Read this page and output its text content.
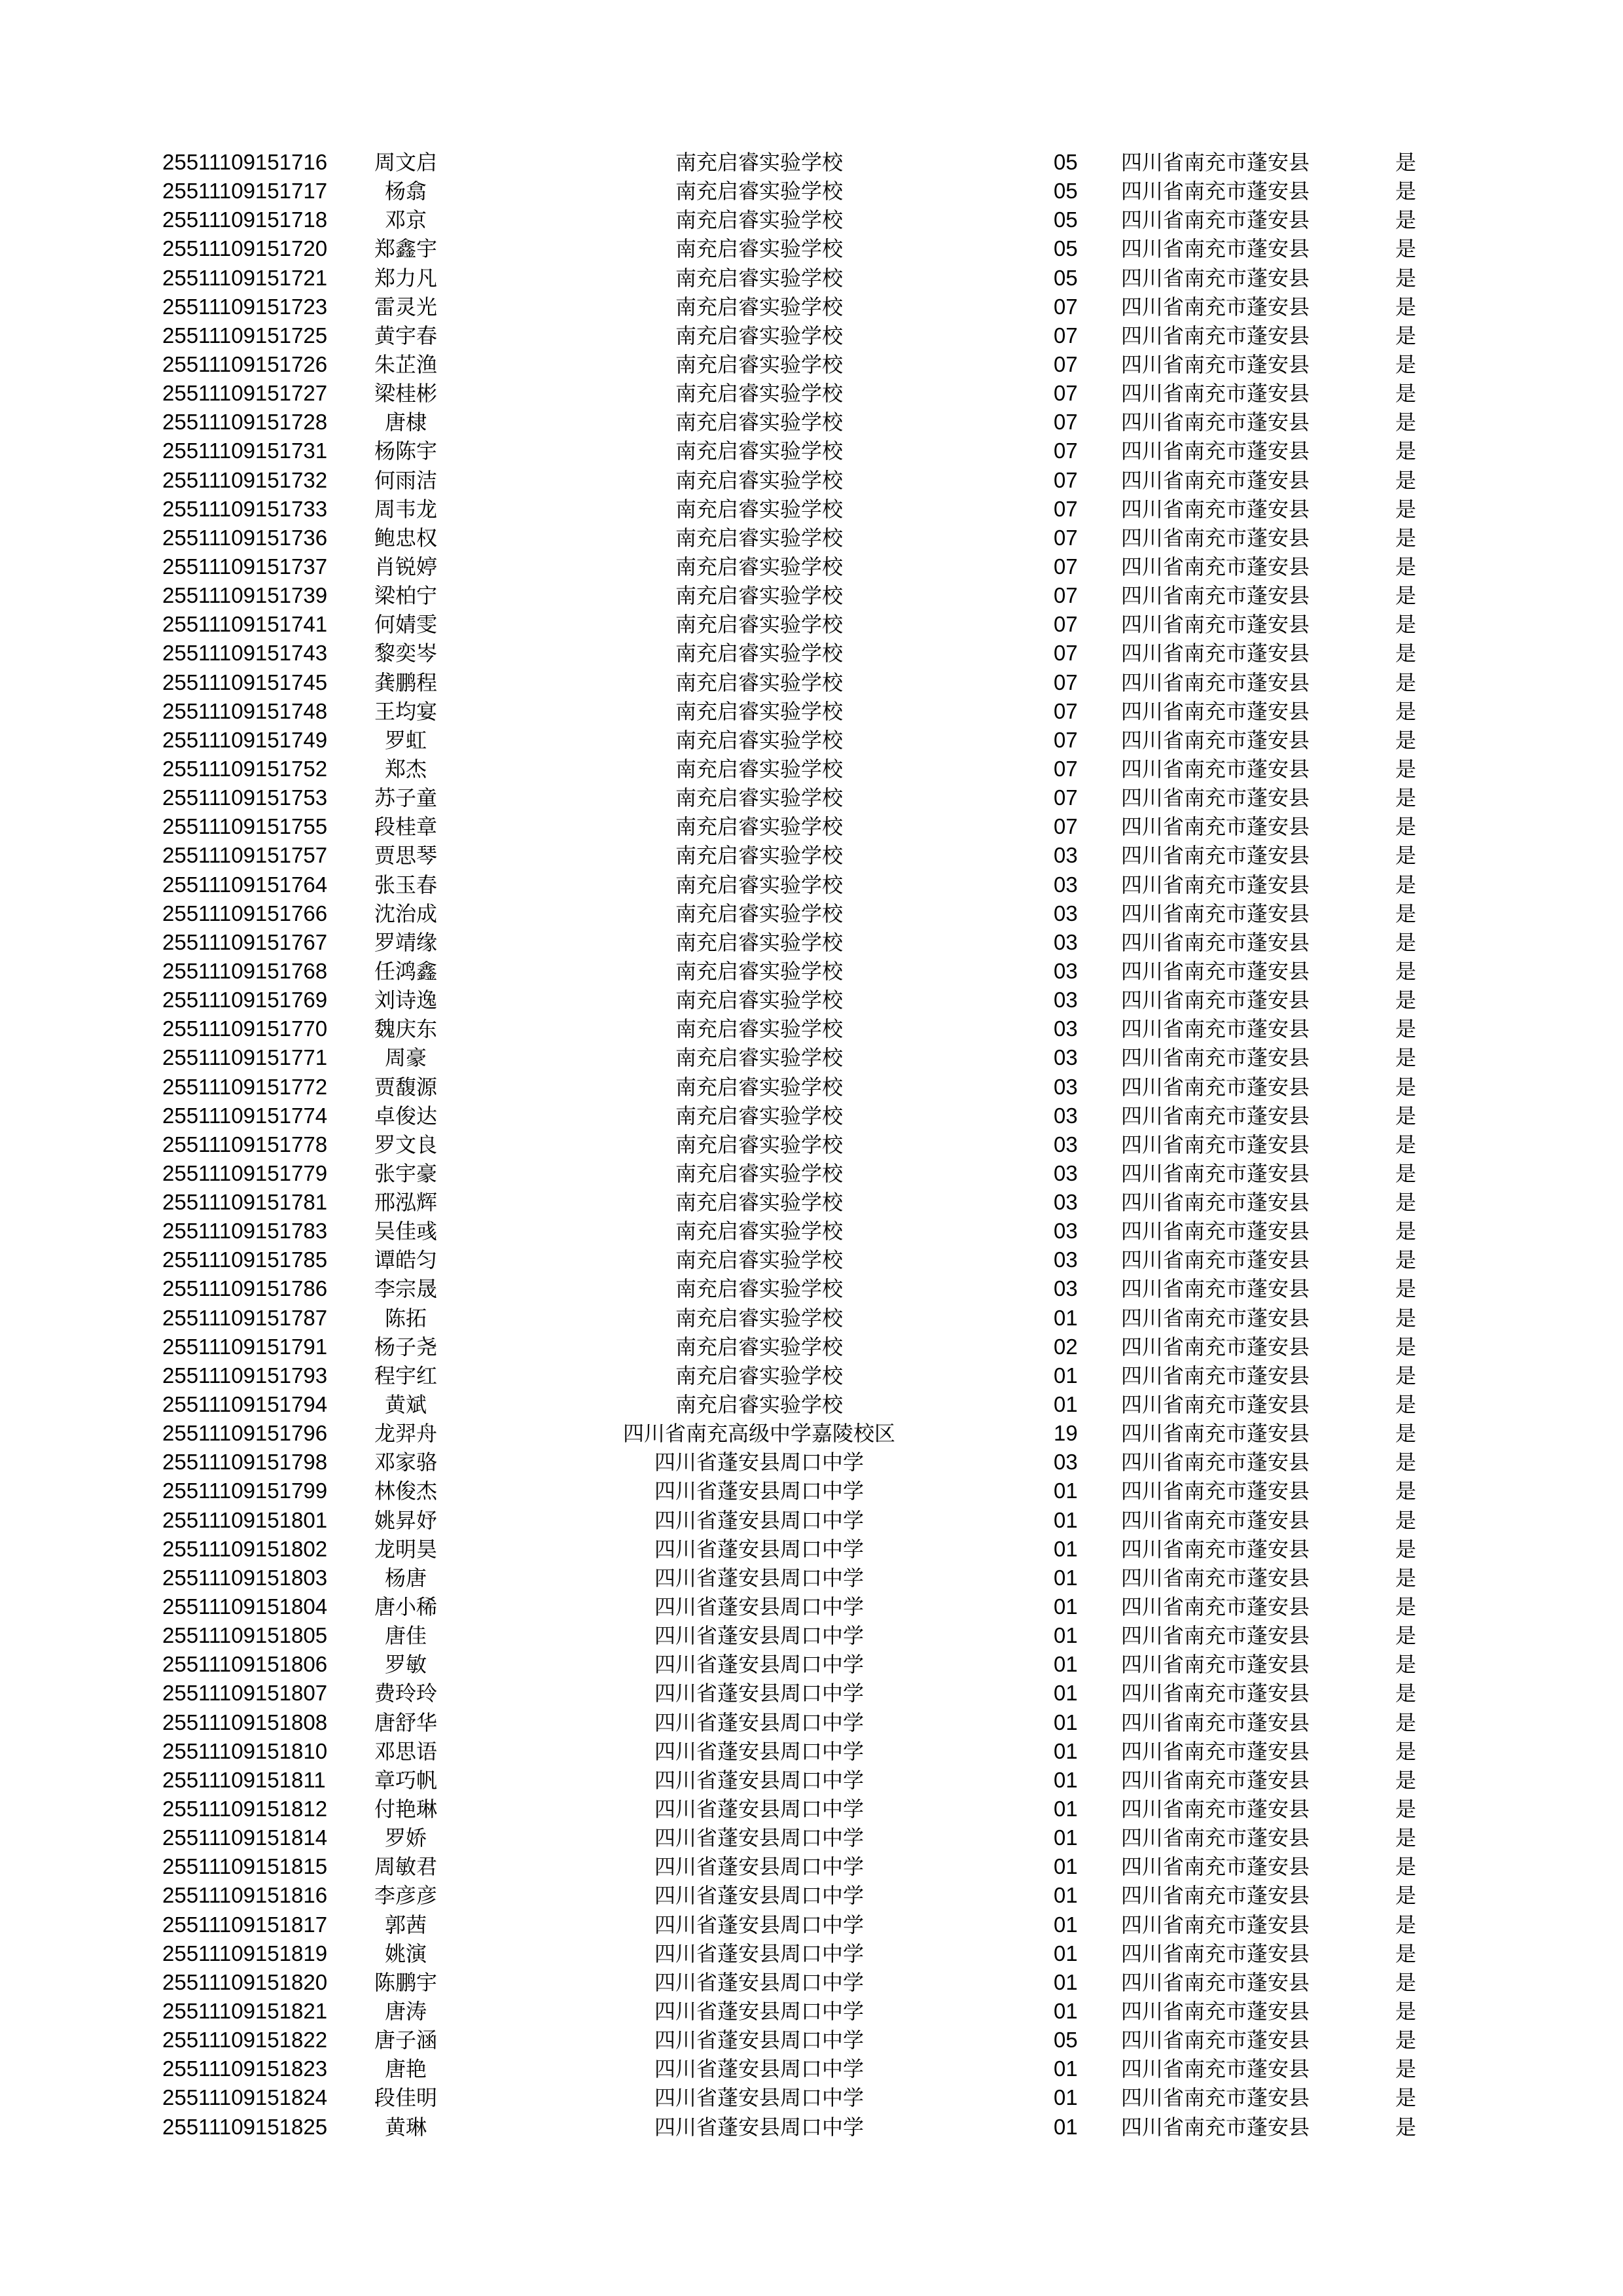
25511109151716	周文启	南充启睿实验学校	05 四川省南充市蓬安县	是
25511109151717	杨翕	南充启睿实验学校	05 四川省南充市蓬安县	是
25511109151718	邓京	南充启睿实验学校	05 四川省南充市蓬安县	是
25511109151720	郑鑫宇	南充启睿实验学校	05 四川省南充市蓬安县	是
25511109151721	郑力凡	南充启睿实验学校	05 四川省南充市蓬安县	是
25511109151723	雷灵光	南充启睿实验学校	07 四川省南充市蓬安县	是
25511109151725	黄宇春	南充启睿实验学校	07 四川省南充市蓬安县	是
25511109151726	朱芷渔	南充启睿实验学校	07 四川省南充市蓬安县	是
25511109151727	梁桂彬	南充启睿实验学校	07 四川省南充市蓬安县	是
25511109151728	唐棣	南充启睿实验学校	07 四川省南充市蓬安县	是
25511109151731	杨陈宇	南充启睿实验学校	07 四川省南充市蓬安县	是
25511109151732	何雨洁	南充启睿实验学校	07 四川省南充市蓬安县	是
25511109151733	周韦龙	南充启睿实验学校	07 四川省南充市蓬安县	是
25511109151736	鲍忠权	南充启睿实验学校	07 四川省南充市蓬安县	是
25511109151737	肖锐婷	南充启睿实验学校	07 四川省南充市蓬安县	是
25511109151739	梁柏宁	南充启睿实验学校	07 四川省南充市蓬安县	是
25511109151741	何婧雯	南充启睿实验学校	07 四川省南充市蓬安县	是
25511109151743	黎奕岑	南充启睿实验学校	07 四川省南充市蓬安县	是
25511109151745	龚鹏程	南充启睿实验学校	07 四川省南充市蓬安县	是
25511109151748	王均宴	南充启睿实验学校	07 四川省南充市蓬安县	是
25511109151749	罗虹	南充启睿实验学校	07 四川省南充市蓬安县	是
25511109151752	郑杰	南充启睿实验学校	07 四川省南充市蓬安县	是
25511109151753	苏子童	南充启睿实验学校	07 四川省南充市蓬安县	是
25511109151755	段桂章	南充启睿实验学校	07 四川省南充市蓬安县	是
25511109151757	贾思琴	南充启睿实验学校	03 四川省南充市蓬安县	是
25511109151764	张玉春	南充启睿实验学校	03 四川省南充市蓬安县	是
25511109151766	沈治成	南充启睿实验学校	03 四川省南充市蓬安县	是
25511109151767	罗靖缘	南充启睿实验学校	03 四川省南充市蓬安县	是
25511109151768	任鸿鑫	南充启睿实验学校	03 四川省南充市蓬安县	是
25511109151769	刘诗逸	南充启睿实验学校	03 四川省南充市蓬安县	是
25511109151770	魏庆东	南充启睿实验学校	03 四川省南充市蓬安县	是
25511109151771	周豪	南充启睿实验学校	03 四川省南充市蓬安县	是
25511109151772	贾馥源	南充启睿实验学校	03 四川省南充市蓬安县	是
25511109151774	卓俊达	南充启睿实验学校	03 四川省南充市蓬安县	是
25511109151778	罗文良	南充启睿实验学校	03 四川省南充市蓬安县	是
25511109151779	张宇豪	南充启睿实验学校	03 四川省南充市蓬安县	是
25511109151781	邢泓辉	南充启睿实验学校	03 四川省南充市蓬安县	是
25511109151783	吴佳彧	南充启睿实验学校	03 四川省南充市蓬安县	是
25511109151785	谭皓匀	南充启睿实验学校	03 四川省南充市蓬安县	是
25511109151786	李宗晟	南充启睿实验学校	03 四川省南充市蓬安县	是
25511109151787	陈拓	南充启睿实验学校	01 四川省南充市蓬安县	是
25511109151791	杨子尧	南充启睿实验学校	02 四川省南充市蓬安县	是
25511109151793	程宇红	南充启睿实验学校	01 四川省南充市蓬安县	是
25511109151794	黄斌	南充启睿实验学校	01 四川省南充市蓬安县	是
25511109151796	龙羿舟	四川省南充高级中学嘉陵校区	19 四川省南充市蓬安县	是
25511109151798	邓家骆	四川省蓬安县周口中学	03 四川省南充市蓬安县	是
25511109151799	林俊杰	四川省蓬安县周口中学	01 四川省南充市蓬安县	是
25511109151801	姚昇妤	四川省蓬安县周口中学	01 四川省南充市蓬安县	是
25511109151802	龙明昊	四川省蓬安县周口中学	01 四川省南充市蓬安县	是
25511109151803	杨唐	四川省蓬安县周口中学	01 四川省南充市蓬安县	是
25511109151804	唐小稀	四川省蓬安县周口中学	01 四川省南充市蓬安县	是
25511109151805	唐佳	四川省蓬安县周口中学	01 四川省南充市蓬安县	是
25511109151806	罗敏	四川省蓬安县周口中学	01 四川省南充市蓬安县	是
25511109151807	费玲玲	四川省蓬安县周口中学	01 四川省南充市蓬安县	是
25511109151808	唐舒华	四川省蓬安县周口中学	01 四川省南充市蓬安县	是
25511109151810	邓思语	四川省蓬安县周口中学	01 四川省南充市蓬安县	是
25511109151811	章巧帆	四川省蓬安县周口中学	01 四川省南充市蓬安县	是
25511109151812	付艳琳	四川省蓬安县周口中学	01 四川省南充市蓬安县	是
25511109151814	罗娇	四川省蓬安县周口中学	01 四川省南充市蓬安县	是
25511109151815	周敏君	四川省蓬安县周口中学	01 四川省南充市蓬安县	是
25511109151816	李彦彦	四川省蓬安县周口中学	01 四川省南充市蓬安县	是
25511109151817	郭茜	四川省蓬安县周口中学	01 四川省南充市蓬安县	是
25511109151819	姚演	四川省蓬安县周口中学	01 四川省南充市蓬安县	是
25511109151820	陈鹏宇	四川省蓬安县周口中学	01 四川省南充市蓬安县	是
25511109151821	唐涛	四川省蓬安县周口中学	01 四川省南充市蓬安县	是
25511109151822	唐子涵	四川省蓬安县周口中学	05 四川省南充市蓬安县	是
25511109151823	唐艳	四川省蓬安县周口中学	01 四川省南充市蓬安县	是
25511109151824	段佳明	四川省蓬安县周口中学	01 四川省南充市蓬安县	是
25511109151825	黄琳	四川省蓬安县周口中学	01 四川省南充市蓬安县	是
